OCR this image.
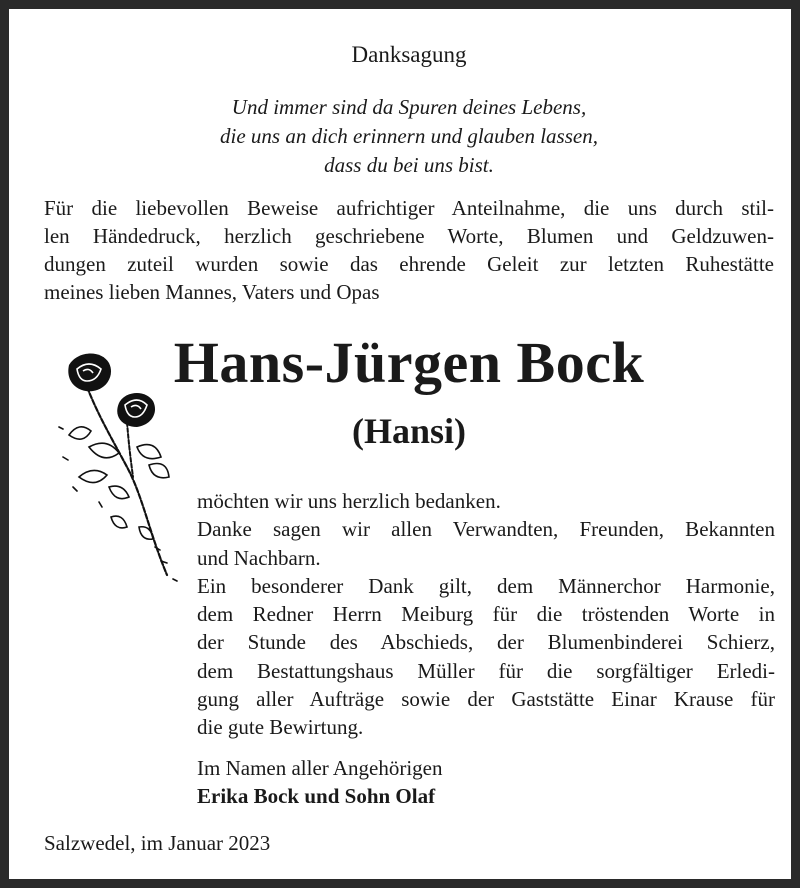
Danksagung
Und immer sind da Spuren deines Lebens,
die uns an dich erinnern und glauben lassen,
dass du bei uns bist.
Für die liebevollen Beweise aufrichtiger Anteilnahme, die uns durch stil-
len Händedruck, herzlich geschriebene Worte, Blumen und Geldzuwen-
dungen zuteil wurden sowie das ehrende Geleit zur letzten Ruhestätte
meines lieben Mannes, Vaters und Opas
Hans-Jürgen Bock
(Hansi)
möchten wir uns herzlich bedanken.
Danke sagen wir allen Verwandten, Freunden, Bekannten
und Nachbarn.
Ein besonderer Dank gilt, dem Männerchor Harmonie,
dem Redner Herrn Meiburg für die tröstenden Worte in
der Stunde des Abschieds, der Blumenbinderei Schierz,
dem Bestattungshaus Müller für die sorgfältiger Erledi-
gung aller Aufträge sowie der Gaststätte Einar Krause für
die gute Bewirtung.
Im Namen aller Angehörigen
Erika Bock und Sohn Olaf
Salzwedel, im Januar 2023
